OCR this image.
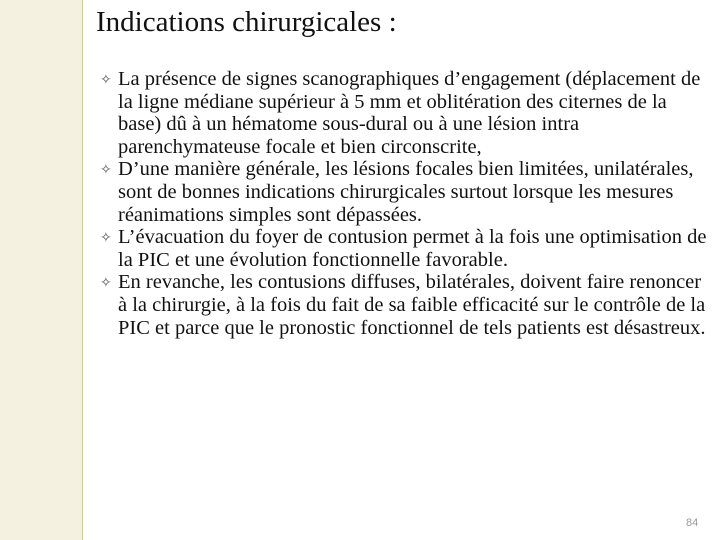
Indications chirurgicales :
✧ La présence de signes scanographiques d’engagement (déplacement de la ligne médiane supérieur à 5 mm et oblitération des citernes de la base) dû à un hématome sous-dural ou à une lésion intra parenchymateuse focale et bien circonscrite,
✧ D’une manière générale, les lésions focales bien limitées, unilatérales, sont de bonnes indications chirurgicales surtout lorsque les mesures réanimations simples sont dépassées.
✧ L’évacuation du foyer de contusion permet à la fois une optimisation de la PIC et une évolution fonctionnelle favorable.
✧ En revanche, les contusions diffuses, bilatérales, doivent faire renoncer à la chirurgie, à la fois du fait de sa faible efficacité sur le contrôle de la PIC et parce que le pronostic fonctionnel de tels patients est désastreux.
84
